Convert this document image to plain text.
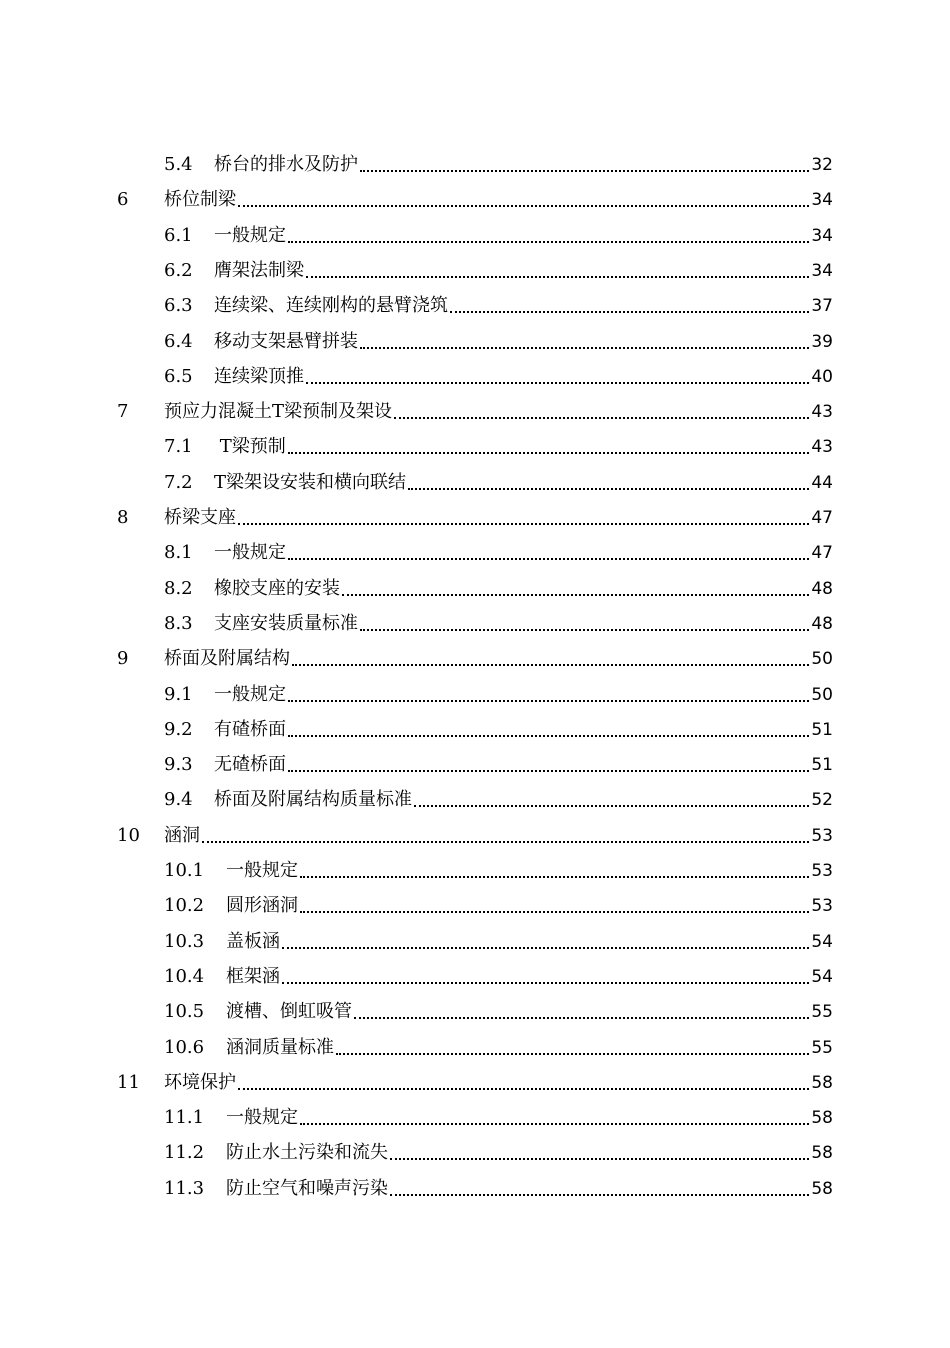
5.4	桥台的排水及防护	32
6	桥位制梁	34
6.1	一般规定	34
6.2	膺架法制梁	34
6.3	连续梁、连续刚构的悬臂浇筑	37
6.4	移动支架悬臂拼装	39
6.5	连续梁顶推	40
7	预应力混凝土T梁预制及架设	43
7.1	T梁预制	43
7.2	T梁架设安装和横向联结	44
8	桥梁支座	47
8.1	一般规定	47
8.2	橡胶支座的安装	48
8.3	支座安装质量标准	48
9	桥面及附属结构	50
9.1	一般规定	50
9.2	有碴桥面	51
9.3	无碴桥面	51
9.4	桥面及附属结构质量标准	52
10	涵洞	53
10.1	一般规定	53
10.2	圆形涵洞	53
10.3	盖板涵	54
10.4	框架涵	54
10.5	渡槽、倒虹吸管	55
10.6	涵洞质量标准	55
11	环境保护	58
11.1	一般规定	58
11.2	防止水土污染和流失	58
11.3	防止空气和噪声污染	58
